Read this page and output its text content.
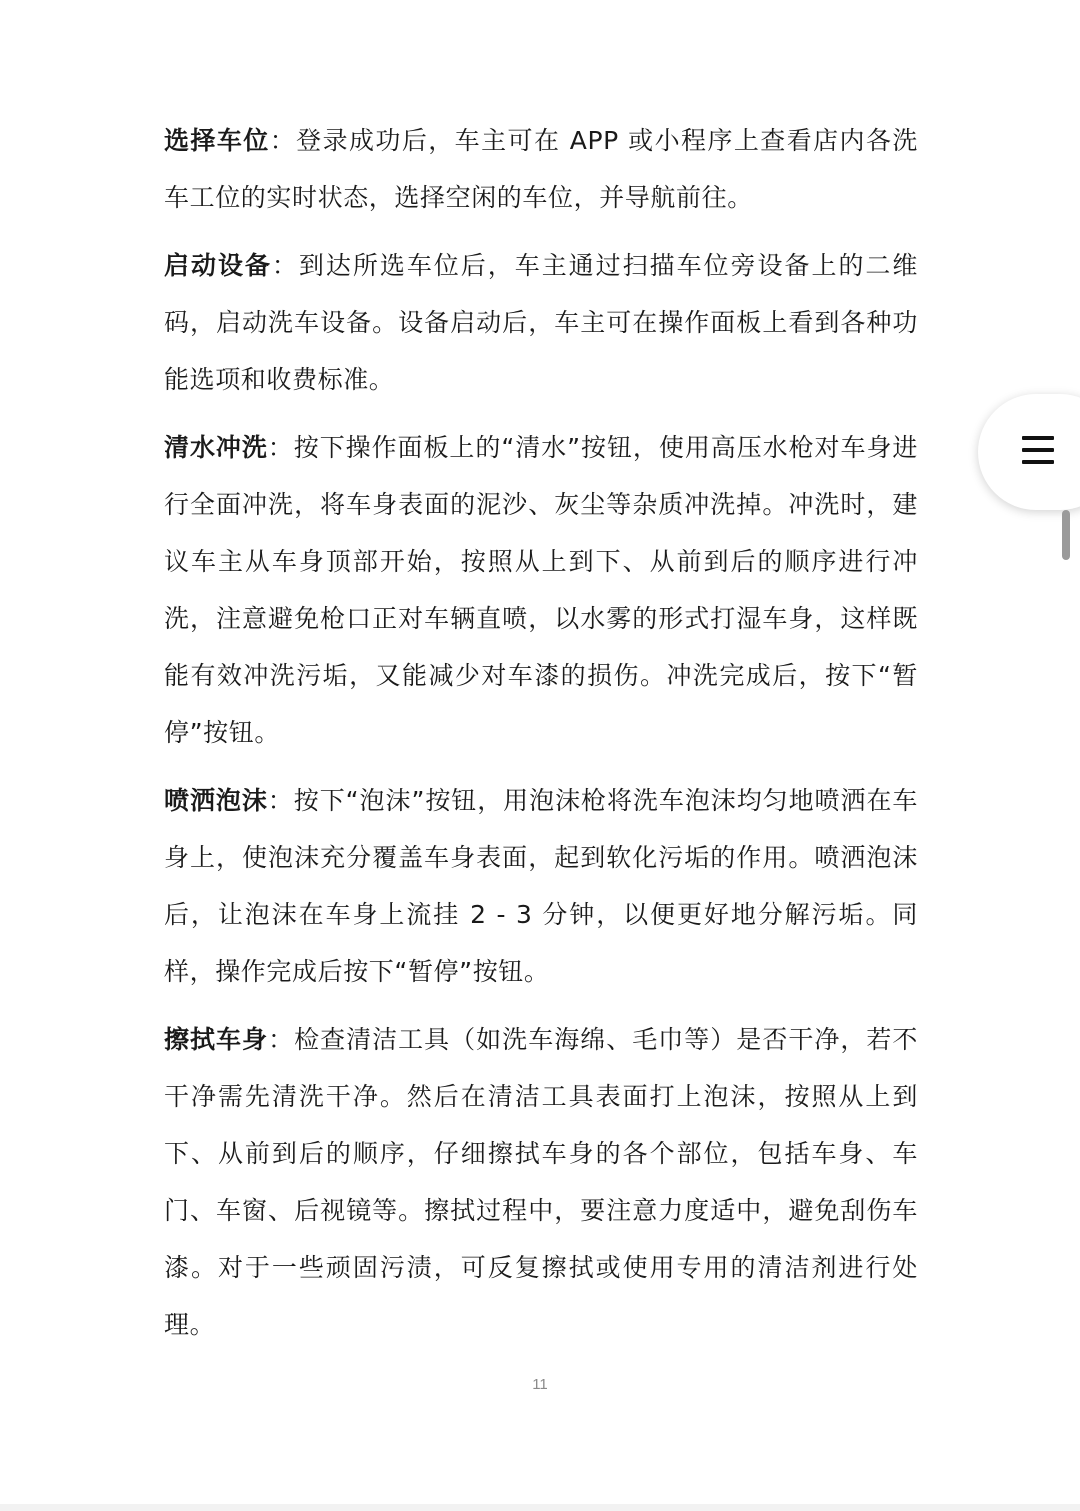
选择车位：登录成功后，车主可在 APP 或小程序上查看店内各洗车工位的实时状态，选择空闲的车位，并导航前往。

启动设备：到达所选车位后，车主通过扫描车位旁设备上的二维码，启动洗车设备。设备启动后，车主可在操作面板上看到各种功能选项和收费标准。

清水冲洗：按下操作面板上的“清水”按钮，使用高压水枪对车身进行全面冲洗，将车身表面的泥沙、灰尘等杂质冲洗掉。冲洗时，建议车主从车身顶部开始，按照从上到下、从前到后的顺序进行冲洗，注意避免枪口正对车辆直喷，以水雾的形式打湿车身，这样既能有效冲洗污垢，又能减少对车漆的损伤。冲洗完成后，按下“暂停”按钮。

喷洒泡沫：按下“泡沫”按钮，用泡沫枪将洗车泡沫均匀地喷洒在车身上，使泡沫充分覆盖车身表面，起到软化污垢的作用。喷洒泡沫后，让泡沫在车身上流挂 2 - 3 分钟，以便更好地分解污垢。同样，操作完成后按下“暂停”按钮。

擦拭车身：检查清洁工具（如洗车海绵、毛巾等）是否干净，若不干净需先清洗干净。然后在清洁工具表面打上泡沫，按照从上到下、从前到后的顺序，仔细擦拭车身的各个部位，包括车身、车门、车窗、后视镜等。擦拭过程中，要注意力度适中，避免刮伤车漆。对于一些顽固污渍，可反复擦拭或使用专用的清洁剂进行处理。

11
